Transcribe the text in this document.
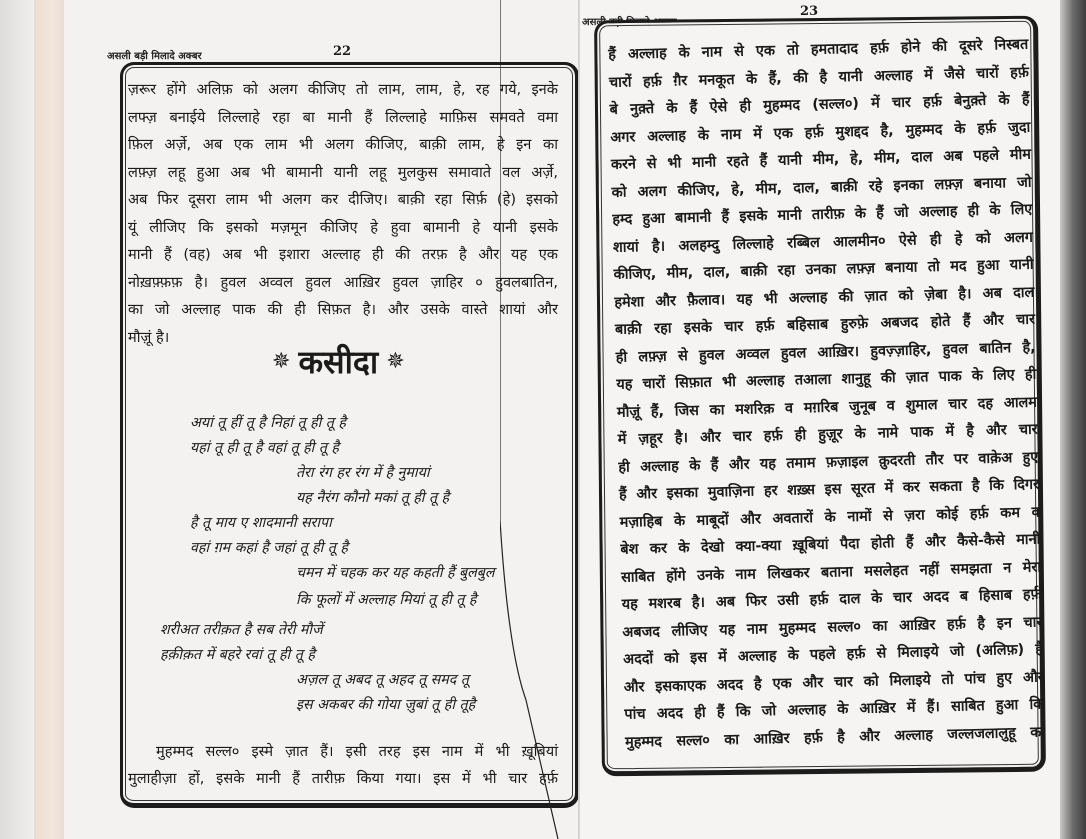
असली बड़ी मिलादे अक्बर	22
ज़रूर होंगे अलिफ़ को अलग कीजिए तो लाम, लाम, हे, रह गये, इनके
लफ्ज़ बनाईये लिल्लाहे रहा बा मानी हैं लिल्लाहे माफ़िस समवते वमा
फ़िल अर्ज़े, अब एक लाम भी अलग कीजिए, बाक़ी लाम, हे इन का
लफ़्ज़ लहू हुआ अब भी बामानी यानी लहू मुलकुस समावाते वल अर्ज़े,
अब फिर दूसरा लाम भी अलग कर दीजिए। बाक़ी रहा सिर्फ़ (हे) इसको
यूं लीजिए कि इसको मज़मून कीजिए हे हुवा बामानी हे यानी इसके
मानी हैं (वह) अब भी इशारा अल्लाह ही की तरफ़ है और यह एक
नोख़फ़्फ़फ़ है। हुवल अव्वल हुवल आख़िर हुवल ज़ाहिर ० हुवलबातिन,
का जो अल्लाह पाक की ही सिफ़त है। और उसके वास्ते शायां और
मौज़ूं है।
✵ कसीदा ✵
अयां तू हीं तू है निहां तू ही तू है
यहां तू ही तू है वहां तू ही तू है
तेरा रंग हर रंग में है नुमायां
यह नैरंग कौनो मकां तू ही तू है
है तू माय ए शादमानी सरापा
वहां ग़म कहां है जहां तू ही तू है
चमन में चहक कर यह कहती हैं बुलबुल
कि फूलों में अल्लाह मियां तू ही तू है
शरीअत तरीक़त है सब तेरी मौजें
हक़ीक़त में बहरे रवां तू ही तू है
अज़ल तू अबद तू अहद तू समद तू
इस अकबर की गोया ज़ुबां तू ही तूहै
मुहम्मद सल्ल० इस्मे ज़ात हैं। इसी तरह इस नाम में भी ख़ूबियां
मुलाहीज़ा हों, इसके मानी हैं तारीफ़ किया गया। इस में भी चार हर्फ़
असली बड़ी मिलादे अक्बर
23
हैं अल्लाह के नाम से एक तो हमतादाद हर्फ़ होने की दूसरे निस्बत
चारों हर्फ़ ग़ैर मनकूत के हैं, की है यानी अल्लाह में जैसे चारों हर्फ़
बे नुक़्ते के हैं ऐसे ही मुहम्मद (सल्ल०) में चार हर्फ़ बेनुक़्ते के हैं
अगर अल्लाह के नाम में एक हर्फ़ मुशद्दद है, मुहम्मद के हर्फ़ जुदा
करने से भी मानी रहते हैं यानी मीम, हे, मीम, दाल अब पहले मीम
को अलग कीजिए, हे, मीम, दाल, बाक़ी रहे इनका लफ़्ज़ बनाया जो
हम्द हुआ बामानी हैं इसके मानी तारीफ़ के हैं जो अल्लाह ही के लिए
शायां है। अलहम्दु लिल्लाहे रब्बिल आलमीन० ऐसे ही हे को अलग
कीजिए, मीम, दाल, बाक़ी रहा उनका लफ़्ज़ बनाया तो मद हुआ यानी
हमेशा और फ़ैलाव। यह भी अल्लाह की ज़ात को ज़ेबा है। अब दाल
बाक़ी रहा इसके चार हर्फ़ बहिसाब हुरुफ़े अबजद होते हैं और चार
ही लफ़्ज़ से हुवल अव्वल हुवल आख़िर। हुवज़्ज़ाहिर, हुवल बातिन है,
यह चारों सिफ़ात भी अल्लाह तआला शानुहू की ज़ात पाक के लिए ही
मौज़ूं हैं, जिस का मशरिक़ व मग़रिब जुनूब व शुमाल चार दह आलम
में ज़हूर है। और चार हर्फ़ ही हुज़ूर के नामे पाक में है और चार
ही अल्लाह के हैं और यह तमाम फ़ज़ाइल क़ुदरती तौर पर वाक़ेअ हुए
हैं और इसका मुवाज़िना हर शख़्स इस सूरत में कर सकता है कि दिगर
मज़ाहिब के माबूदों और अवतारों के नामों से ज़रा कोई हर्फ़ कम व
बेश कर के देखो क्या-क्या ख़ूबियां पैदा होती हैं और कैसे-कैसे मानी
साबित होंगे उनके नाम लिखकर बताना मसलेहत नहीं समझता न मेरा
यह मशरब है। अब फिर उसी हर्फ़ दाल के चार अदद ब हिसाब हर्फ़
अबजद लीजिए यह नाम मुहम्मद सल्ल० का आख़िर हर्फ़ है इन चार
अददों को इस में अल्लाह के पहले हर्फ़ से मिलाइये जो (अलिफ़) है
और इसकाएक अदद है एक और चार को मिलाइये तो पांच हुए और
पांच अदद ही हैं कि जो अल्लाह के आख़िर में हैं। साबित हुआ कि
मुहम्मद सल्ल० का आख़िर हर्फ़ है और अल्लाह जल्लजलालुहू का
